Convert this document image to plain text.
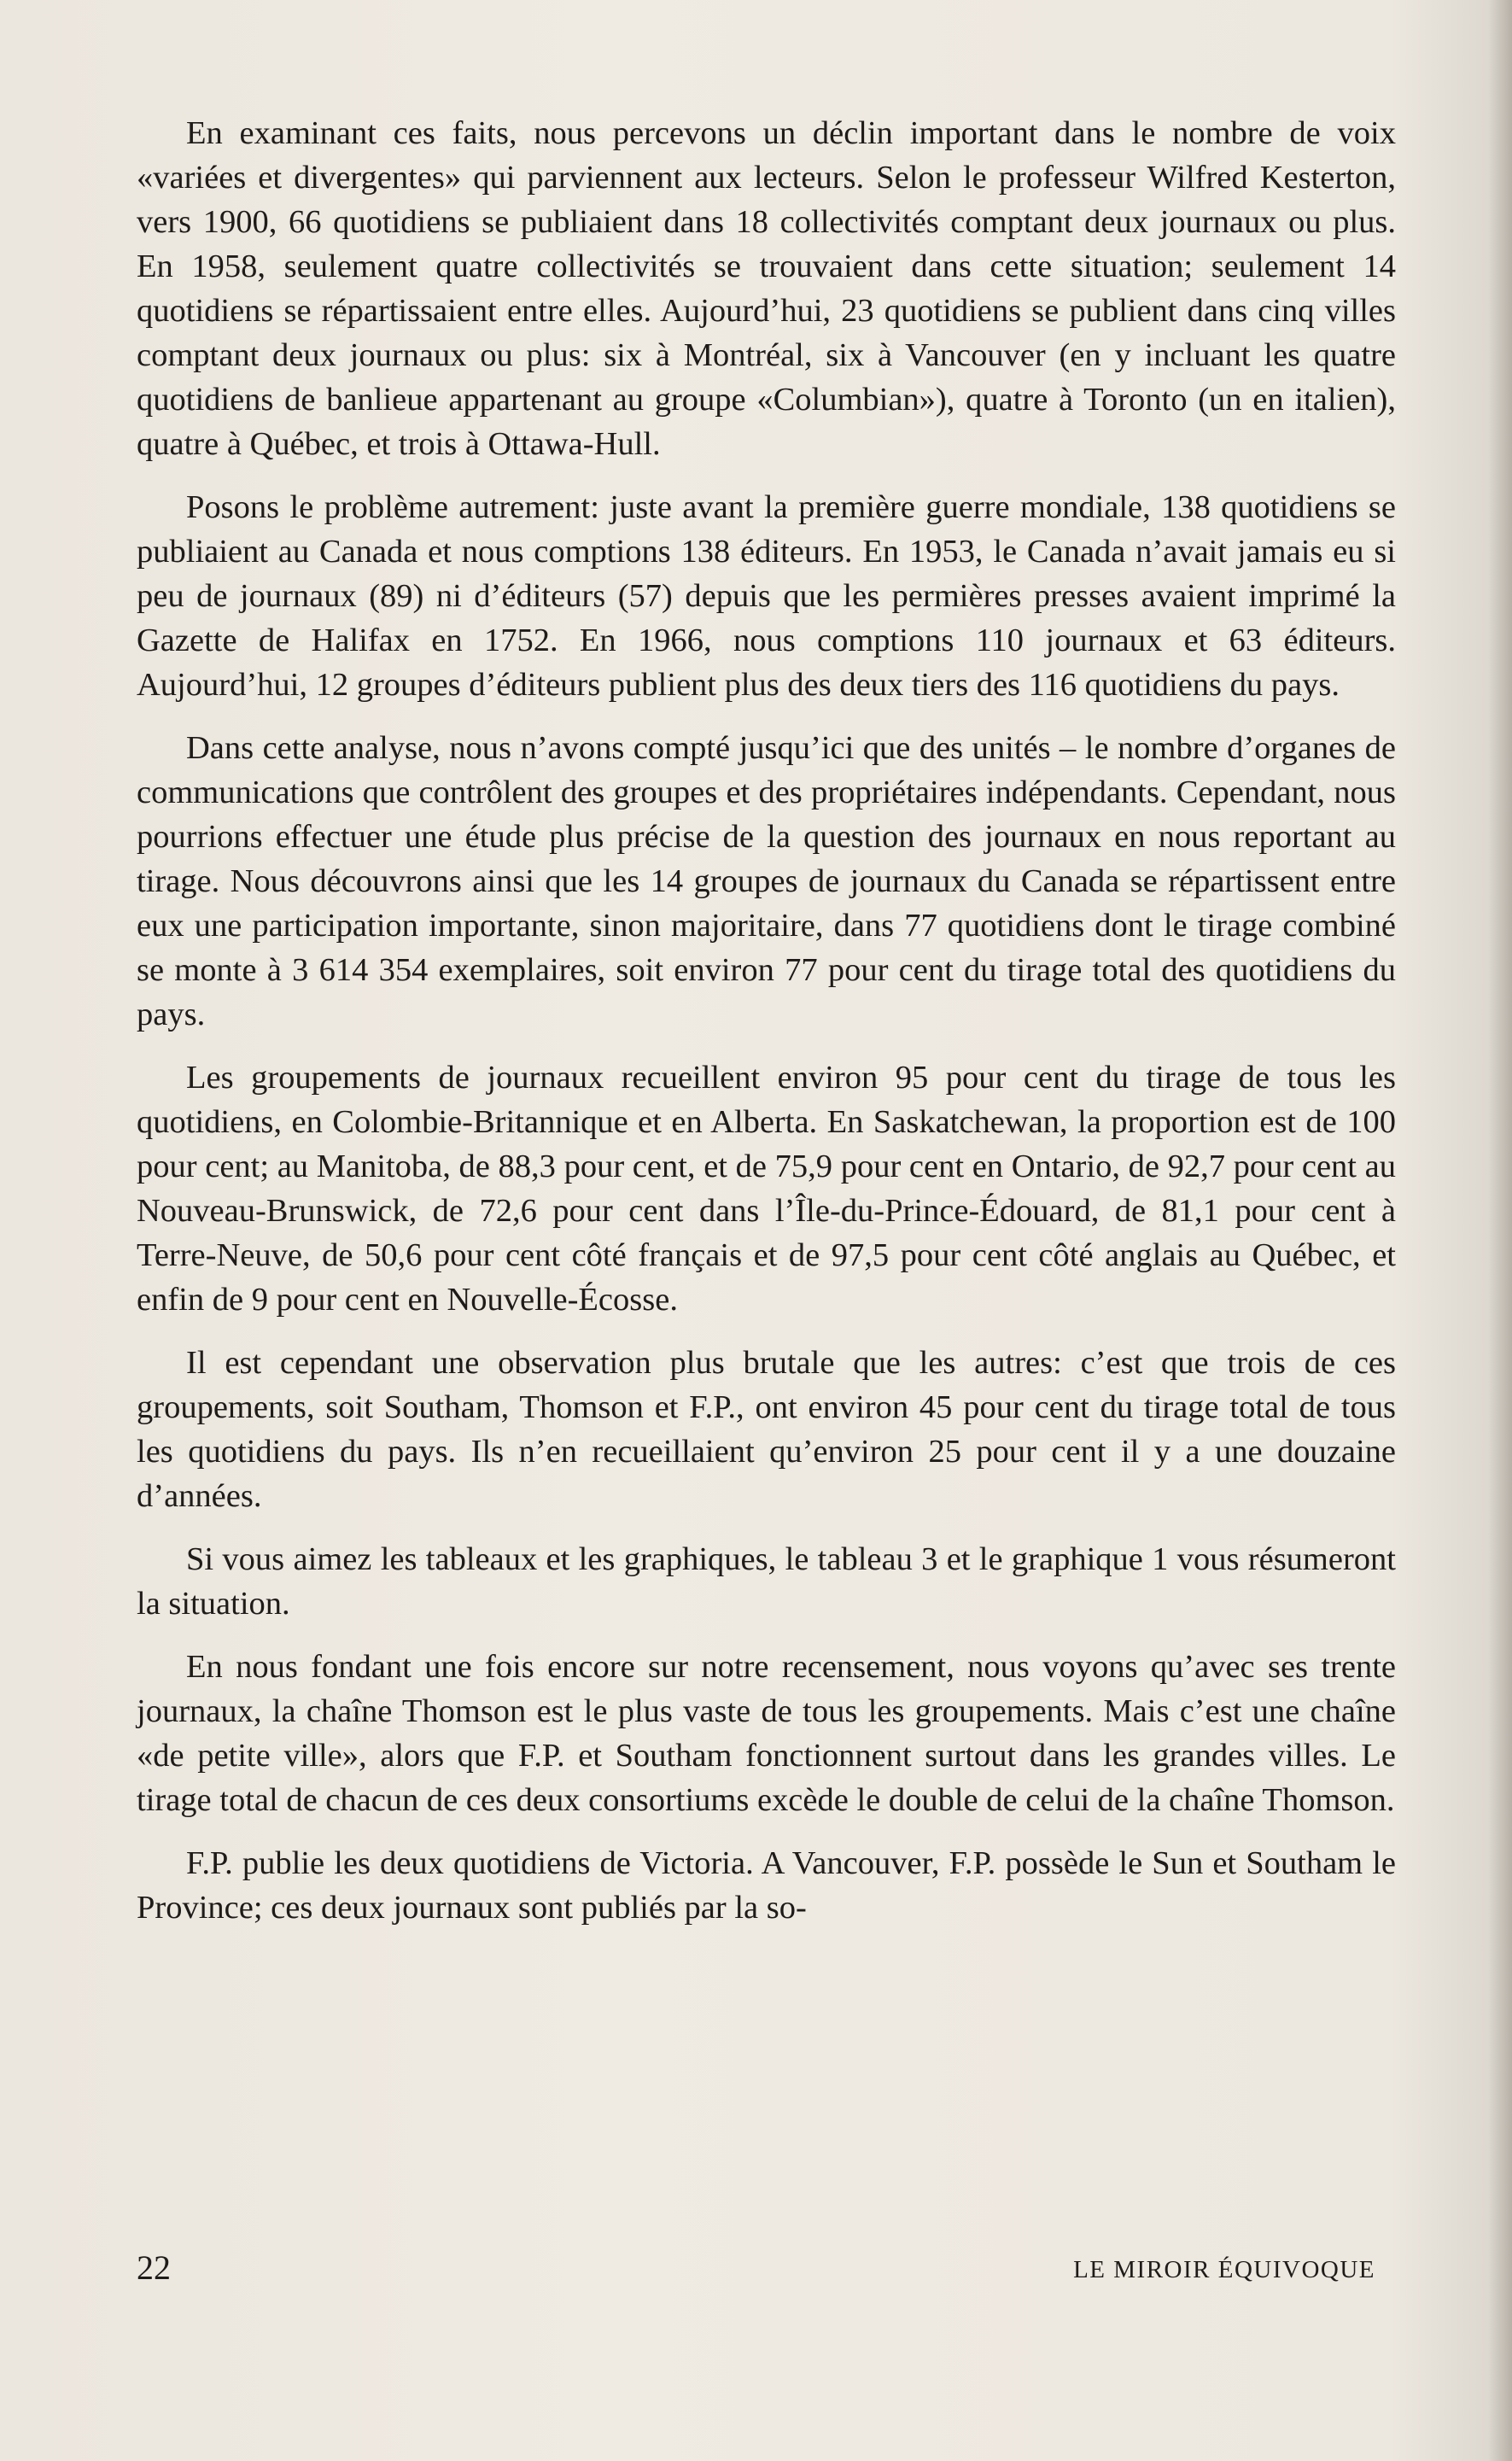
En examinant ces faits, nous percevons un déclin important dans le nombre de voix «variées et divergentes» qui parviennent aux lecteurs. Selon le professeur Wilfred Kesterton, vers 1900, 66 quotidiens se publiaient dans 18 collectivités comptant deux journaux ou plus. En 1958, seulement quatre collectivités se trouvaient dans cette situation; seulement 14 quotidiens se répartissaient entre elles. Aujourd’hui, 23 quotidiens se publient dans cinq villes comptant deux journaux ou plus: six à Montréal, six à Vancouver (en y incluant les quatre quotidiens de banlieue appartenant au groupe «Columbian»), quatre à Toronto (un en italien), quatre à Québec, et trois à Ottawa-Hull.

Posons le problème autrement: juste avant la première guerre mondiale, 138 quotidiens se publiaient au Canada et nous comptions 138 éditeurs. En 1953, le Canada n’avait jamais eu si peu de journaux (89) ni d’éditeurs (57) depuis que les permières presses avaient imprimé la Gazette de Halifax en 1752. En 1966, nous comptions 110 journaux et 63 éditeurs. Aujourd’hui, 12 groupes d’éditeurs publient plus des deux tiers des 116 quotidiens du pays.

Dans cette analyse, nous n’avons compté jusqu’ici que des unités – le nombre d’organes de communications que contrôlent des groupes et des propriétaires indépendants. Cependant, nous pourrions effectuer une étude plus précise de la question des journaux en nous reportant au tirage. Nous découvrons ainsi que les 14 groupes de journaux du Canada se répartissent entre eux une participation importante, sinon majoritaire, dans 77 quotidiens dont le tirage combiné se monte à 3 614 354 exemplaires, soit environ 77 pour cent du tirage total des quotidiens du pays.

Les groupements de journaux recueillent environ 95 pour cent du tirage de tous les quotidiens, en Colombie-Britannique et en Alberta. En Saskatchewan, la proportion est de 100 pour cent; au Manitoba, de 88,3 pour cent, et de 75,9 pour cent en Ontario, de 92,7 pour cent au Nouveau-Brunswick, de 72,6 pour cent dans l’Île-du-Prince-Édouard, de 81,1 pour cent à Terre-Neuve, de 50,6 pour cent côté français et de 97,5 pour cent côté anglais au Québec, et enfin de 9 pour cent en Nouvelle-Écosse.

Il est cependant une observation plus brutale que les autres: c’est que trois de ces groupements, soit Southam, Thomson et F.P., ont environ 45 pour cent du tirage total de tous les quotidiens du pays. Ils n’en recueillaient qu’environ 25 pour cent il y a une douzaine d’années.

Si vous aimez les tableaux et les graphiques, le tableau 3 et le graphique 1 vous résumeront la situation.

En nous fondant une fois encore sur notre recensement, nous voyons qu’avec ses trente journaux, la chaîne Thomson est le plus vaste de tous les groupements. Mais c’est une chaîne «de petite ville», alors que F.P. et Southam fonctionnent surtout dans les grandes villes. Le tirage total de chacun de ces deux consortiums excède le double de celui de la chaîne Thomson.

F.P. publie les deux quotidiens de Victoria. A Vancouver, F.P. possède le Sun et Southam le Province; ces deux journaux sont publiés par la so-

22	LE MIROIR ÉQUIVOQUE
